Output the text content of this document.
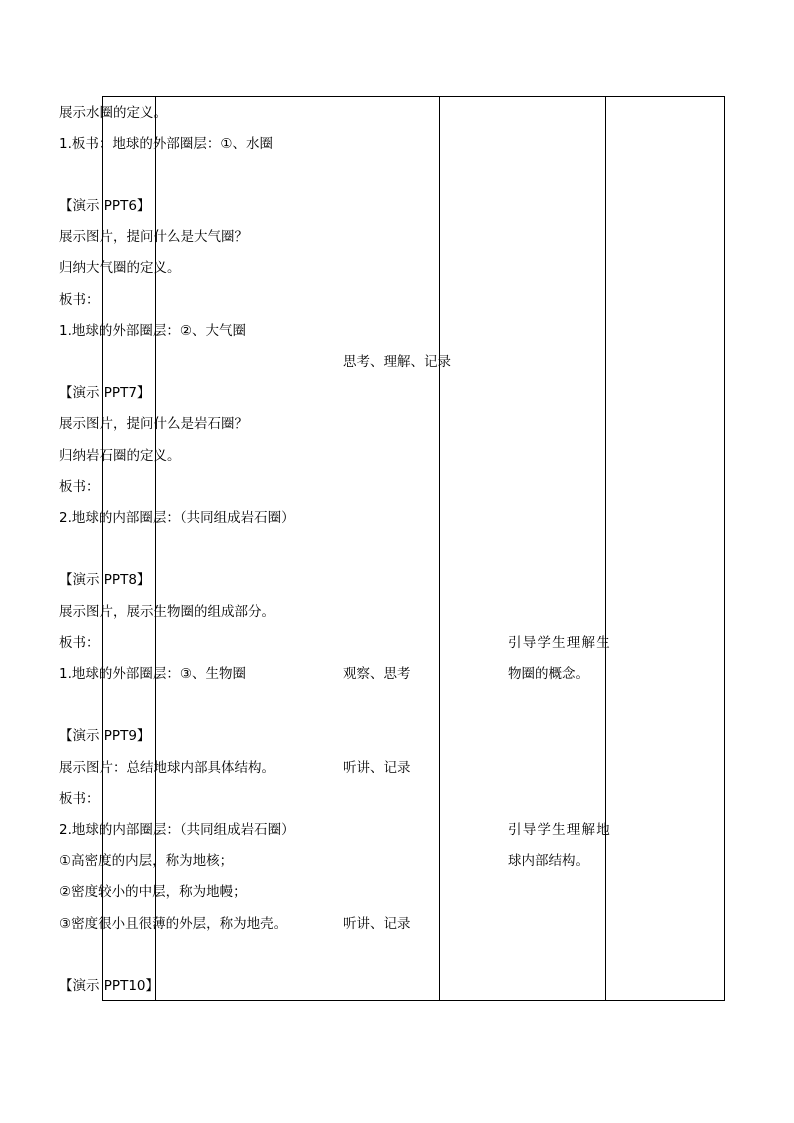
展示水圈的定义。
1.板书：地球的外部圈层：①、水圈
【演示 PPT6】
展示图片，提问什么是大气圈？
归纳大气圈的定义。
板书：
1.地球的外部圈层：②、大气圈
【演示 PPT7】
展示图片，提问什么是岩石圈？
归纳岩石圈的定义。
板书：
2.地球的内部圈层：（共同组成岩石圈）
【演示 PPT8】
展示图片，展示生物圈的组成部分。
板书：
1.地球的外部圈层：③、生物圈
【演示 PPT9】
展示图片：总结地球内部具体结构。
板书：
2.地球的内部圈层：（共同组成岩石圈）
①高密度的内层，称为地核；
②密度较小的中层，称为地幔；
③密度很小且很薄的外层，称为地壳。
【演示 PPT10】
思考、理解、记录
观察、思考
听讲、记录
听讲、记录
引导学生理解生
物圈的概念。
引导学生理解地
球内部结构。
